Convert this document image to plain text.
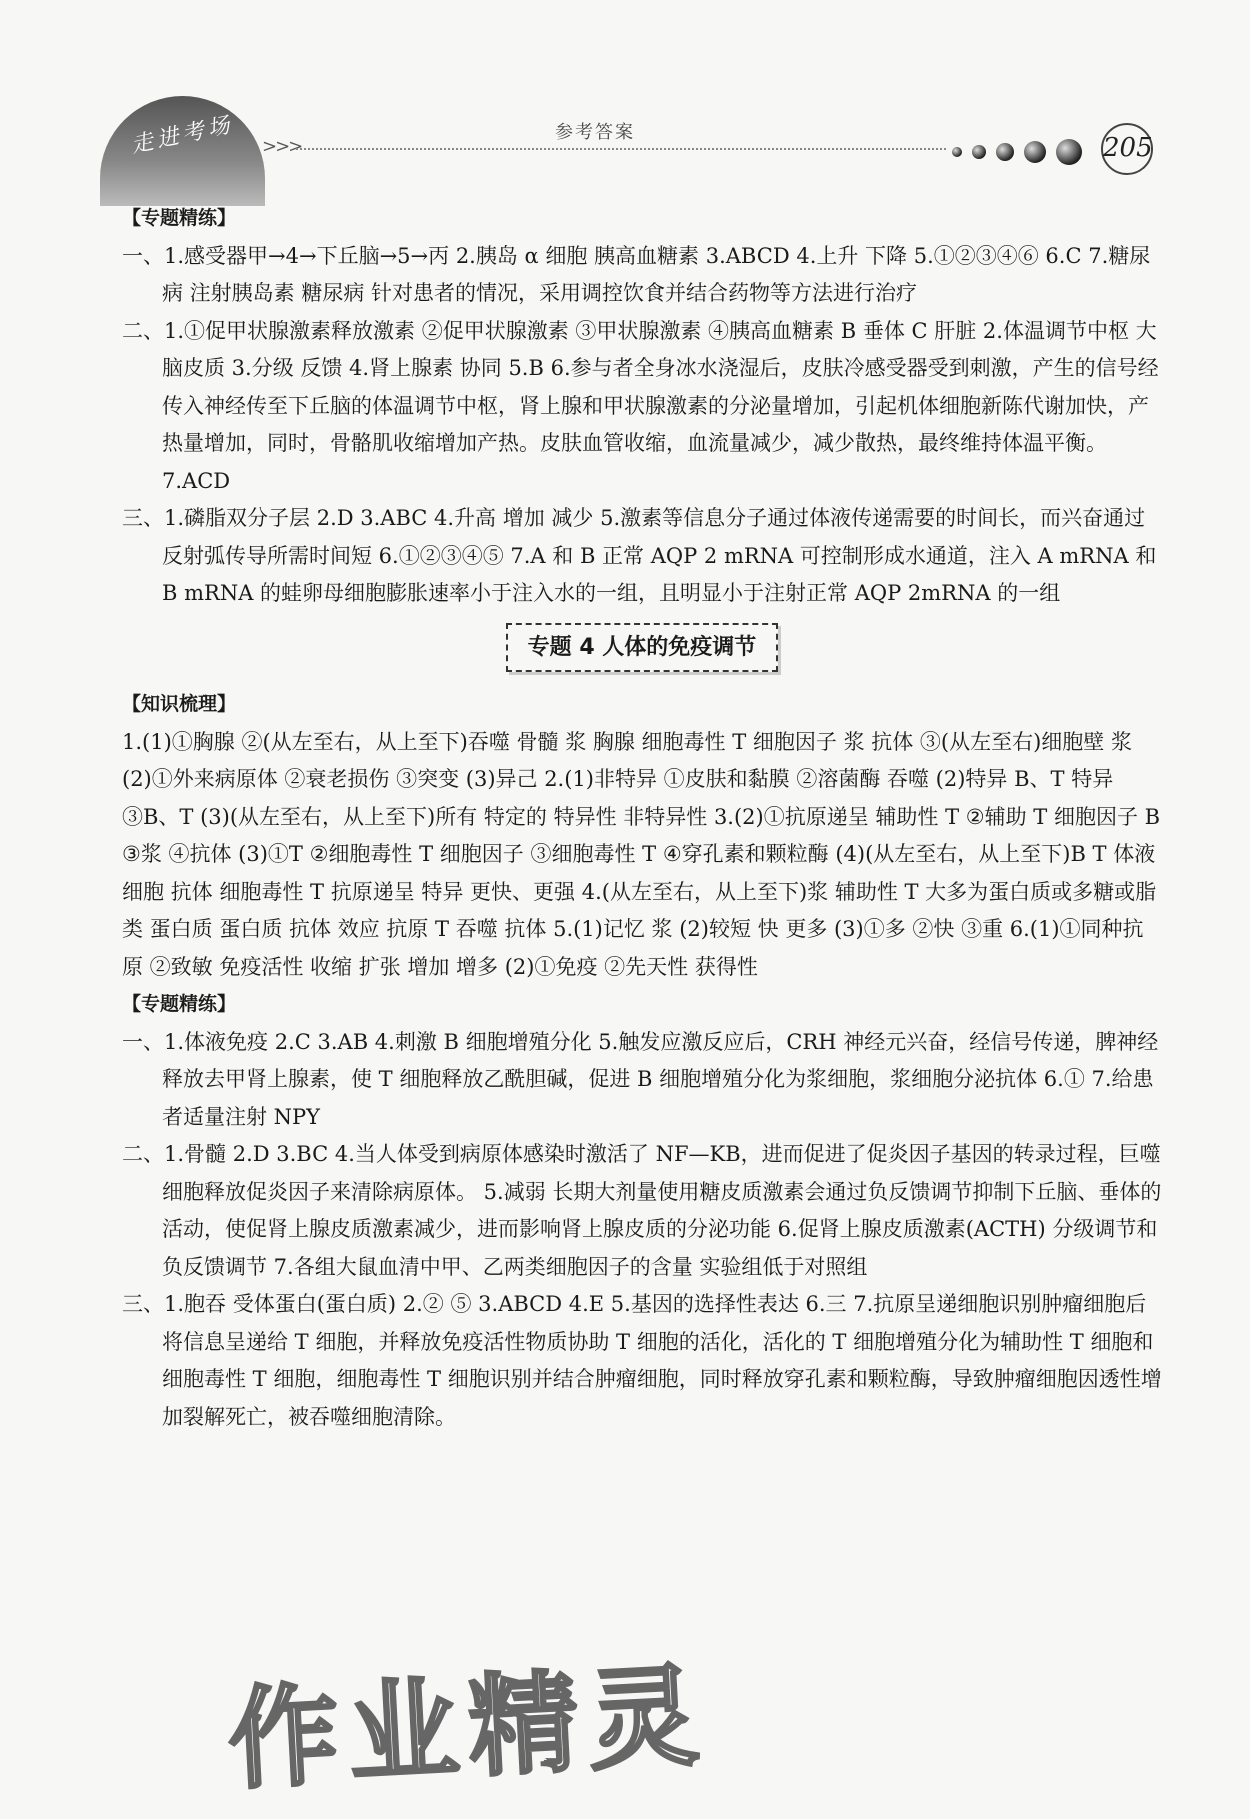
走进考场 >>>
参考答案
205
【专题精练】

一、1.感受器甲→4→下丘脑→5→丙 2.胰岛 α 细胞 胰高血糖素 3.ABCD 4.上升 下降 5.①②③④⑥ 6.C 7.糖尿病 注射胰岛素 糖尿病 针对患者的情况，采用调控饮食并结合药物等方法进行治疗

二、1.①促甲状腺激素释放激素 ②促甲状腺激素 ③甲状腺激素 ④胰高血糖素 B 垂体 C 肝脏 2.体温调节中枢 大脑皮质 3.分级 反馈 4.肾上腺素 协同 5.B 6.参与者全身冰水浇湿后，皮肤冷感受器受到刺激，产生的信号经传入神经传至下丘脑的体温调节中枢，肾上腺和甲状腺激素的分泌量增加，引起机体细胞新陈代谢加快，产热量增加，同时，骨骼肌收缩增加产热。皮肤血管收缩，血流量减少，减少散热，最终维持体温平衡。 7.ACD

三、1.磷脂双分子层 2.D 3.ABC 4.升高 增加 减少 5.激素等信息分子通过体液传递需要的时间长，而兴奋通过反射弧传导所需时间短 6.①②③④⑤ 7.A 和 B 正常 AQP 2 mRNA 可控制形成水通道，注入 A mRNA 和 B mRNA 的蛙卵母细胞膨胀速率小于注入水的一组，且明显小于注射正常 AQP 2mRNA 的一组

专题 4 人体的免疫调节
【知识梳理】

1.(1)①胸腺 ②(从左至右，从上至下)吞噬 骨髓 浆 胸腺 细胞毒性 T 细胞因子 浆 抗体 ③(从左至右)细胞壁 浆 (2)①外来病原体 ②衰老损伤 ③突变 (3)异己 2.(1)非特异 ①皮肤和黏膜 ②溶菌酶 吞噬 (2)特异 B、T 特异 ③B、T (3)(从左至右，从上至下)所有 特定的 特异性 非特异性 3.(2)①抗原递呈 辅助性 T ②辅助 T 细胞因子 B ③浆 ④抗体 (3)①T ②细胞毒性 T 细胞因子 ③细胞毒性 T ④穿孔素和颗粒酶 (4)(从左至右，从上至下)B T 体液 细胞 抗体 细胞毒性 T 抗原递呈 特异 更快、更强 4.(从左至右，从上至下)浆 辅助性 T 大多为蛋白质或多糖或脂类 蛋白质 蛋白质 抗体 效应 抗原 T 吞噬 抗体 5.(1)记忆 浆 (2)较短 快 更多 (3)①多 ②快 ③重 6.(1)①同种抗原 ②致敏 免疫活性 收缩 扩张 增加 增多 (2)①免疫 ②先天性 获得性

【专题精练】

一、1.体液免疫 2.C 3.AB 4.刺激 B 细胞增殖分化 5.触发应激反应后，CRH 神经元兴奋，经信号传递，脾神经释放去甲肾上腺素，使 T 细胞释放乙酰胆碱，促进 B 细胞增殖分化为浆细胞，浆细胞分泌抗体 6.① 7.给患者适量注射 NPY

二、1.骨髓 2.D 3.BC 4.当人体受到病原体感染时激活了 NF—KB，进而促进了促炎因子基因的转录过程，巨噬细胞释放促炎因子来清除病原体。 5.减弱 长期大剂量使用糖皮质激素会通过负反馈调节抑制下丘脑、垂体的活动，使促肾上腺皮质激素减少，进而影响肾上腺皮质的分泌功能 6.促肾上腺皮质激素(ACTH) 分级调节和负反馈调节 7.各组大鼠血清中甲、乙两类细胞因子的含量 实验组低于对照组

三、1.胞吞 受体蛋白(蛋白质) 2.② ⑤ 3.ABCD 4.E 5.基因的选择性表达 6.三 7.抗原呈递细胞识别肿瘤细胞后将信息呈递给 T 细胞，并释放免疫活性物质协助 T 细胞的活化，活化的 T 细胞增殖分化为辅助性 T 细胞和细胞毒性 T 细胞，细胞毒性 T 细胞识别并结合肿瘤细胞，同时释放穿孔素和颗粒酶，导致肿瘤细胞因透性增加裂解死亡，被吞噬细胞清除。

作业精灵
